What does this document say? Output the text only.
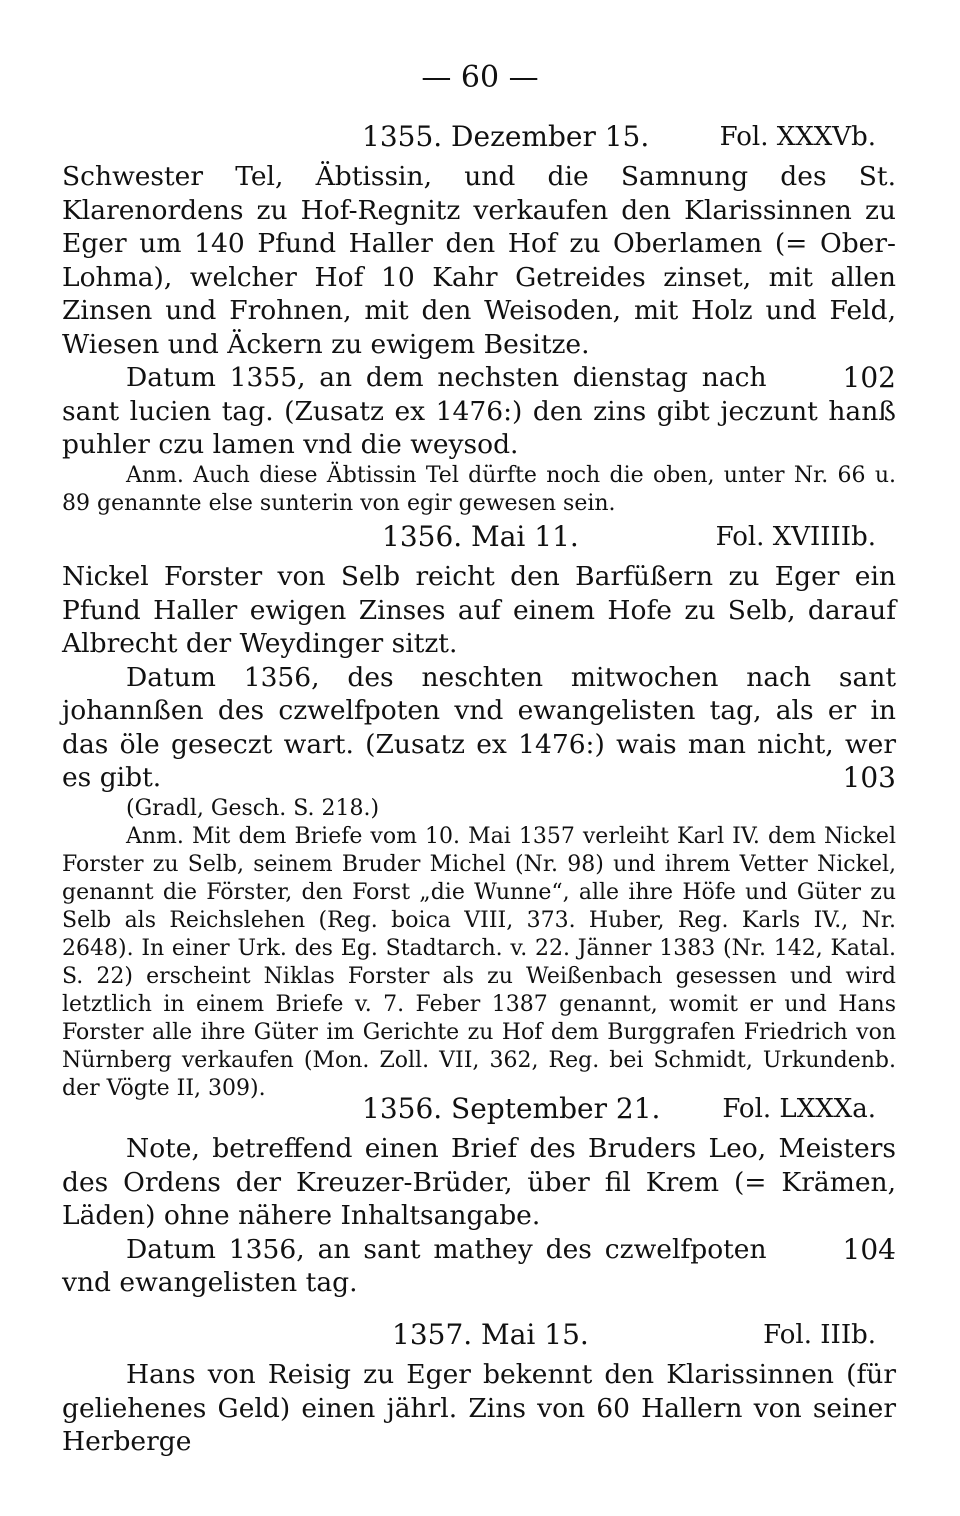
— 60 —
1355. Dezember 15.	Fol. XXXVb.

Schwester Tel, Äbtissin, und die Samnung des St. Klarenordens zu Hof-Regnitz verkaufen den Klarissinnen zu Eger um 140 Pfund Haller den Hof zu Oberlamen (= Ober-Lohma), welcher Hof 10 Kahr Getreides zinset, mit allen Zinsen und Frohnen, mit den Weisoden, mit Holz und Feld, Wiesen und Äckern zu ewigem Besitze.

102
Datum 1355, an dem nechsten dienstag nach sant lucien tag. (Zusatz ex 1476:) den zins gibt jeczunt hanß puhler czu lamen vnd die weysod.

Anm. Auch diese Äbtissin Tel dürfte noch die oben, unter Nr. 66 u. 89 genannte else sunterin von egir gewesen sein.

1356. Mai 11.	Fol. XVIIIIb.

Nickel Forster von Selb reicht den Barfüßern zu Eger ein Pfund Haller ewigen Zinses auf einem Hofe zu Selb, darauf Albrecht der Weydinger sitzt.

Datum 1356, des neschten mitwochen nach sant johannßen des czwelfpoten vnd ewangelisten tag, als er in das öle geseczt wart. (Zusatz ex 1476:) wais man nicht, wer es gibt.	103

(Gradl, Gesch. S. 218.)

Anm. Mit dem Briefe vom 10. Mai 1357 verleiht Karl IV. dem Nickel Forster zu Selb, seinem Bruder Michel (Nr. 98) und ihrem Vetter Nickel, genannt die Förster, den Forst „die Wunne“, alle ihre Höfe und Güter zu Selb als Reichslehen (Reg. boica VIII, 373. Huber, Reg. Karls IV., Nr. 2648). In einer Urk. des Eg. Stadtarch. v. 22. Jänner 1383 (Nr. 142, Katal. S. 22) erscheint Niklas Forster als zu Weißenbach gesessen und wird letztlich in einem Briefe v. 7. Feber 1387 genannt, womit er und Hans Forster alle ihre Güter im Gerichte zu Hof dem Burggrafen Friedrich von Nürnberg verkaufen (Mon. Zoll. VII, 362, Reg. bei Schmidt, Urkundenb. der Vögte II, 309).

1356. September 21. Fol. LXXXa.

Note, betreffend einen Brief des Bruders Leo, Meisters des Ordens der Kreuzer-Brüder, über fil Krem (= Krämen, Läden) ohne nähere Inhaltsangabe.

104
Datum 1356, an sant mathey des czwelfpoten vnd ewangelisten tag.

1357. Mai 15.	Fol. IIIb.

Hans von Reisig zu Eger bekennt den Klarissinnen (für geliehenes Geld) einen jährl. Zins von 60 Hallern von seiner Herberge
